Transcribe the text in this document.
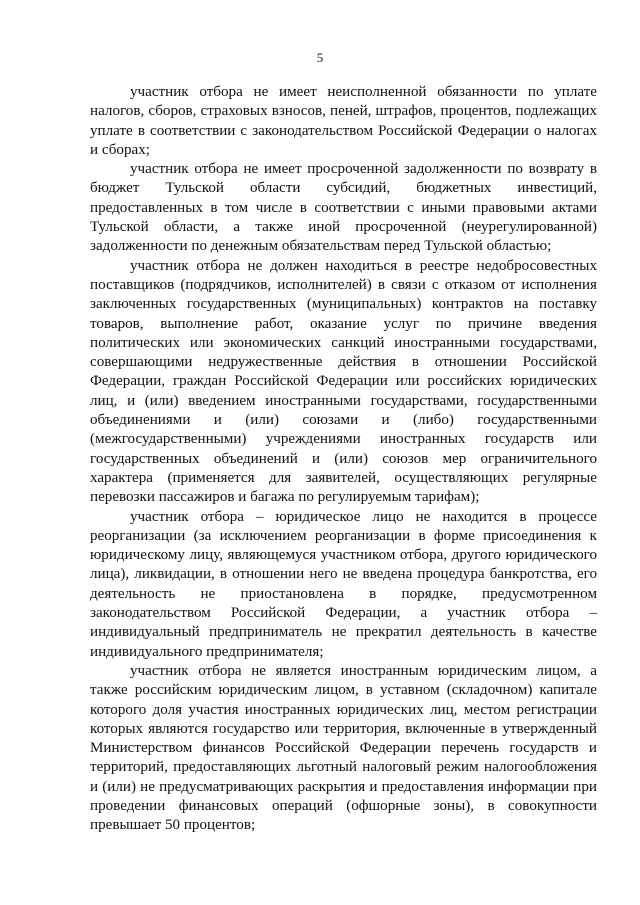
5

участник отбора не имеет неисполненной обязанности по уплате налогов, сборов, страховых взносов, пеней, штрафов, процентов, подлежащих уплате в соответствии с законодательством Российской Федерации о налогах и сборах;

участник отбора не имеет просроченной задолженности по возврату в бюджет Тульской области субсидий, бюджетных инвестиций, предоставленных в том числе в соответствии с иными правовыми актами Тульской области, а также иной просроченной (неурегулированной) задолженности по денежным обязательствам перед Тульской областью;

участник отбора не должен находиться в реестре недобросовестных поставщиков (подрядчиков, исполнителей) в связи с отказом от исполнения заключенных государственных (муниципальных) контрактов на поставку товаров, выполнение работ, оказание услуг по причине введения политических или экономических санкций иностранными государствами, совершающими недружественные действия в отношении Российской Федерации, граждан Российской Федерации или российских юридических лиц, и (или) введением иностранными государствами, государственными объединениями и (или) союзами и (либо) государственными (межгосударственными) учреждениями иностранных государств или государственных объединений и (или) союзов мер ограничительного характера (применяется для заявителей, осуществляющих регулярные перевозки пассажиров и багажа по регулируемым тарифам);

участник отбора – юридическое лицо не находится в процессе реорганизации (за исключением реорганизации в форме присоединения к юридическому лицу, являющемуся участником отбора, другого юридического лица), ликвидации, в отношении него не введена процедура банкротства, его деятельность не приостановлена в порядке, предусмотренном законодательством Российской Федерации, а участник отбора – индивидуальный предприниматель не прекратил деятельность в качестве индивидуального предпринимателя;

участник отбора не является иностранным юридическим лицом, а также российским юридическим лицом, в уставном (складочном) капитале которого доля участия иностранных юридических лиц, местом регистрации которых являются государство или территория, включенные в утвержденный Министерством финансов Российской Федерации перечень государств и территорий, предоставляющих льготный налоговый режим налогообложения и (или) не предусматривающих раскрытия и предоставления информации при проведении финансовых операций (офшорные зоны), в совокупности превышает 50 процентов;
